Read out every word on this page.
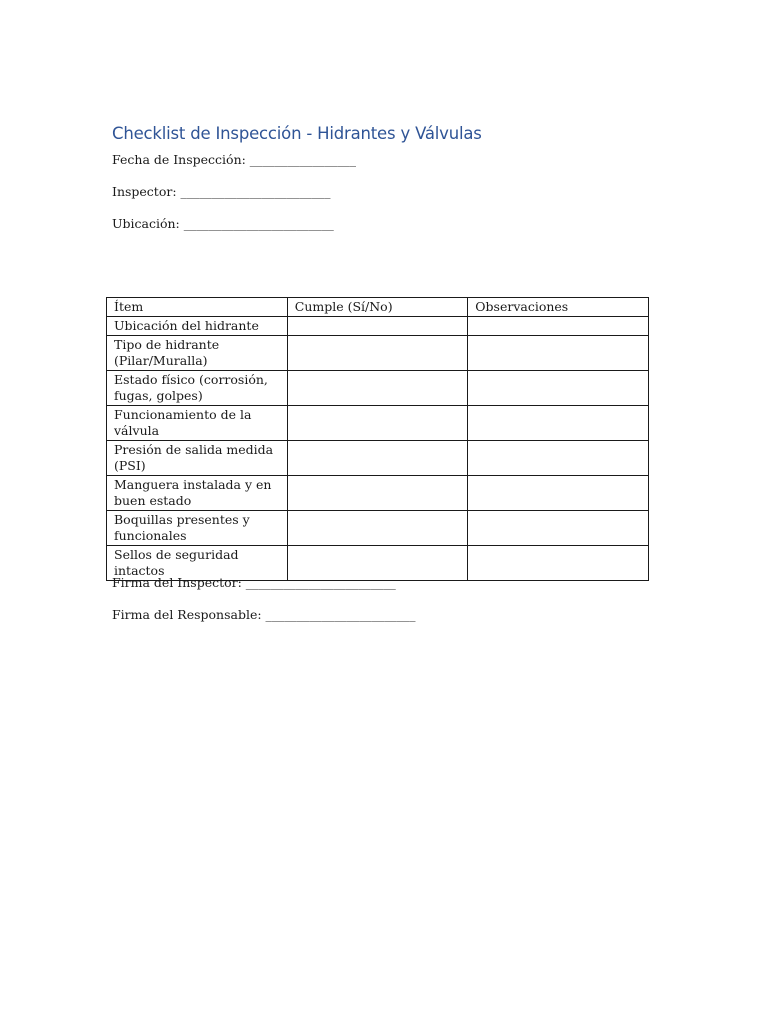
Checklist de Inspección - Hidrantes y Válvulas
Fecha de Inspección: _________________
Inspector: ________________________
Ubicación: ________________________
Ítem	Cumple (Sí/No)	Observaciones
Ubicación del hidrante		
Tipo de hidrante (Pilar/Muralla)		
Estado físico (corrosión, fugas, golpes)		
Funcionamiento de la válvula		
Presión de salida medida (PSI)		
Manguera instalada y en buen estado		
Boquillas presentes y funcionales		
Sellos de seguridad intactos		
Firma del Inspector: ________________________
Firma del Responsable: ________________________
